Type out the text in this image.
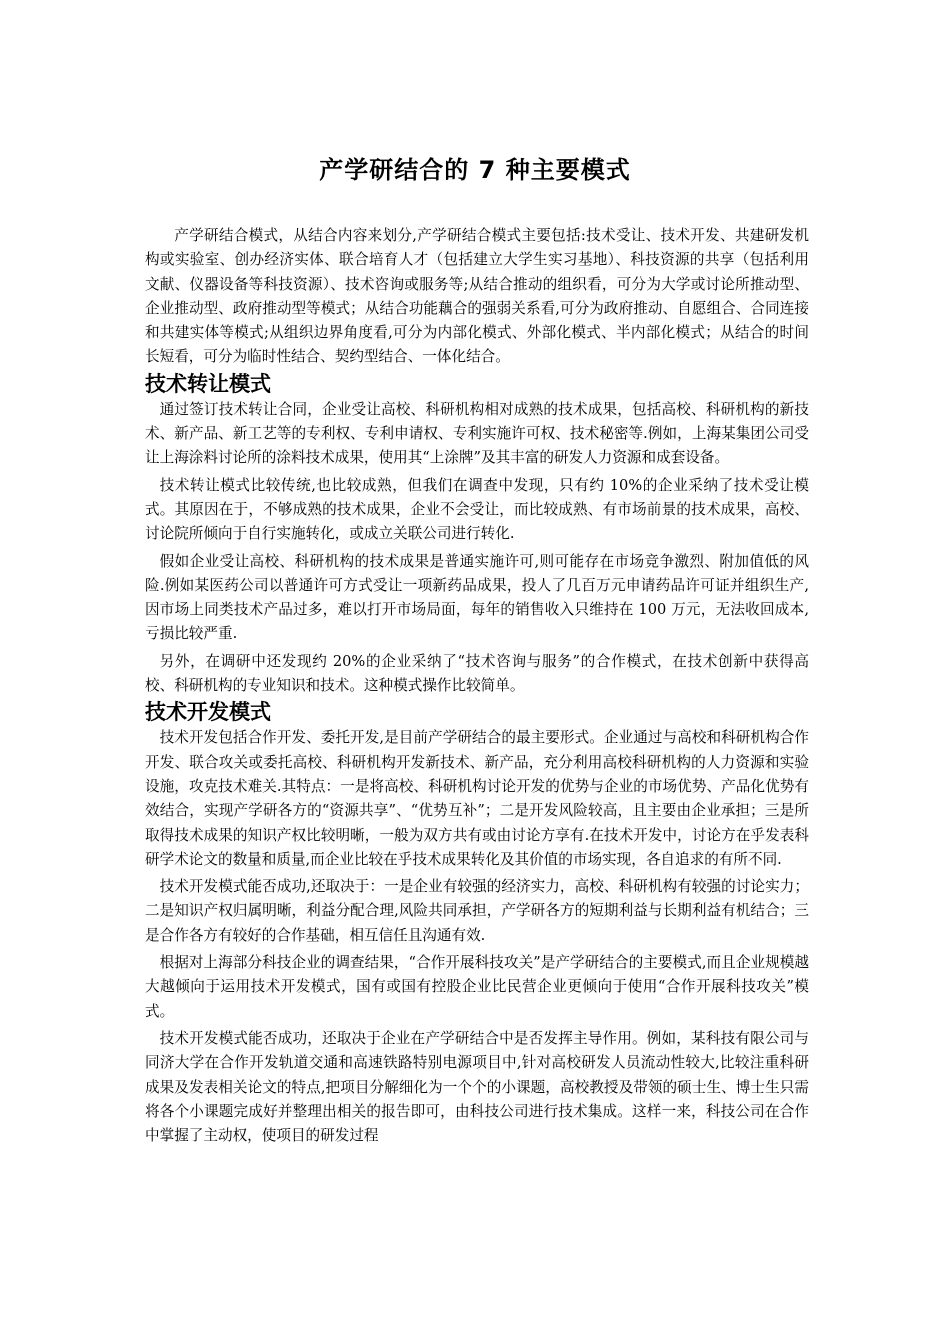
产学研结合的 7 种主要模式

产学研结合模式，从结合内容来划分,产学研结合模式主要包括:技术受让、技术开发、共建研发机构或实验室、创办经济实体、联合培育人才（包括建立大学生实习基地）、科技资源的共享（包括利用文献、仪器设备等科技资源）、技术咨询或服务等;从结合推动的组织看，可分为大学或讨论所推动型、企业推动型、政府推动型等模式；从结合功能藕合的强弱关系看,可分为政府推动、自愿组合、合同连接和共建实体等模式;从组织边界角度看,可分为内部化模式、外部化模式、半内部化模式；从结合的时间长短看，可分为临时性结合、契约型结合、一体化结合。

技术转让模式

通过签订技术转让合同，企业受让高校、科研机构相对成熟的技术成果，包括高校、科研机构的新技术、新产品、新工艺等的专利权、专利申请权、专利实施许可权、技术秘密等.例如，上海某集团公司受让上海涂料讨论所的涂料技术成果，使用其“上涂牌”及其丰富的研发人力资源和成套设备。

技术转让模式比较传统,也比较成熟，但我们在调查中发现，只有约 10%的企业采纳了技术受让模式。其原因在于，不够成熟的技术成果，企业不会受让，而比较成熟、有市场前景的技术成果，高校、讨论院所倾向于自行实施转化，或成立关联公司进行转化.

假如企业受让高校、科研机构的技术成果是普通实施许可,则可能存在市场竞争激烈、附加值低的风险.例如某医药公司以普通许可方式受让一项新药品成果，投人了几百万元申请药品许可证并组织生产,因市场上同类技术产品过多，难以打开市场局面，每年的销售收入只维持在 100 万元，无法收回成本,亏损比较严重.

另外，在调研中还发现约 20%的企业采纳了“技术咨询与服务”的合作模式，在技术创新中获得高校、科研机构的专业知识和技术。这种模式操作比较简单。

技术开发模式

技术开发包括合作开发、委托开发,是目前产学研结合的最主要形式。企业通过与高校和科研机构合作开发、联合攻关或委托高校、科研机构开发新技术、新产品，充分利用高校科研机构的人力资源和实验设施，攻克技术难关.其特点：一是将高校、科研机构讨论开发的优势与企业的市场优势、产品化优势有效结合，实现产学研各方的“资源共享”、“优势互补”；二是开发风险较高，且主要由企业承担；三是所取得技术成果的知识产权比较明晰，一般为双方共有或由讨论方享有.在技术开发中，讨论方在乎发表科研学术论文的数量和质量,而企业比较在乎技术成果转化及其价值的市场实现，各自追求的有所不同.

技术开发模式能否成功,还取决于：一是企业有较强的经济实力，高校、科研机构有较强的讨论实力；二是知识产权归属明晰，利益分配合理,风险共同承担，产学研各方的短期利益与长期利益有机结合；三是合作各方有较好的合作基础，相互信任且沟通有效.

根据对上海部分科技企业的调查结果，“合作开展科技攻关”是产学研结合的主要模式,而且企业规模越大越倾向于运用技术开发模式，国有或国有控股企业比民营企业更倾向于使用“合作开展科技攻关”模式。

技术开发模式能否成功，还取决于企业在产学研结合中是否发挥主导作用。例如，某科技有限公司与同济大学在合作开发轨道交通和高速铁路特别电源项目中,针对高校研发人员流动性较大,比较注重科研成果及发表相关论文的特点,把项目分解细化为一个个的小课题，高校教授及带领的硕士生、博士生只需将各个小课题完成好并整理出相关的报告即可，由科技公司进行技术集成。这样一来，科技公司在合作中掌握了主动权，使项目的研发过程
